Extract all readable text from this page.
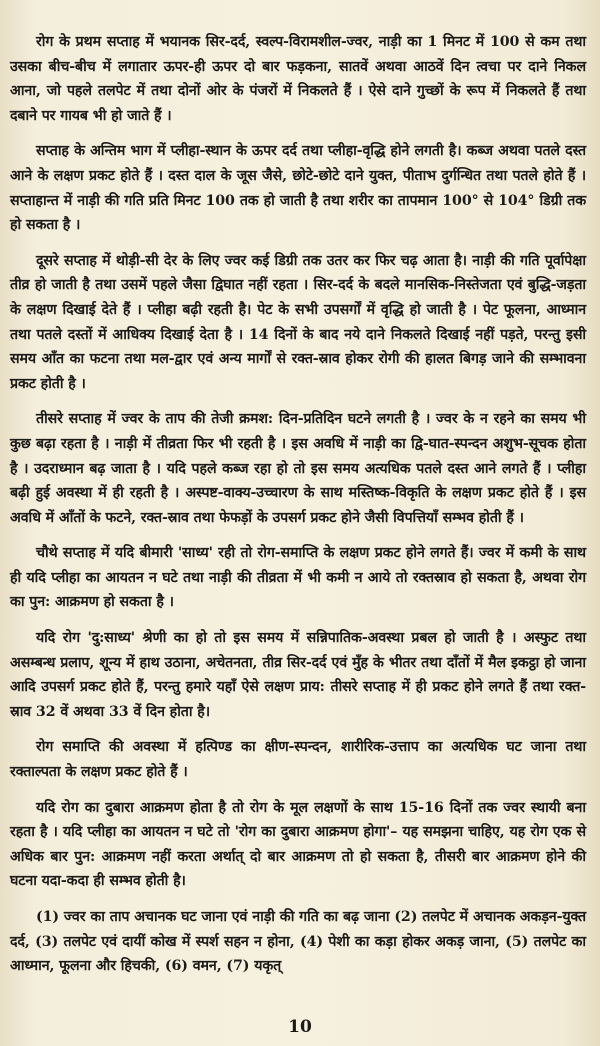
रोग के प्रथम सप्ताह में भयानक सिर-दर्द, स्वल्प-विरामशील-ज्वर, नाड़ी का 1 मिनट में 100 से कम तथा उसका बीच-बीच में लगातार ऊपर-ही ऊपर दो बार फड़कना, सातवें अथवा आठवें दिन त्वचा पर दाने निकल आना, जो पहले तलपेट में तथा दोनों ओर के पंजरों में निकलते हैं । ऐसे दाने गुच्छों के रूप में निकलते हैं तथा दबाने पर गायब भी हो जाते हैं ।

सप्ताह के अन्तिम भाग में प्लीहा-स्थान के ऊपर दर्द तथा प्लीहा-वृद्धि होने लगती है। कब्ज अथवा पतले दस्त आने के लक्षण प्रकट होते हैं । दस्त दाल के जूस जैसे, छोटे-छोटे दाने युक्त, पीताभ दुर्गन्धित तथा पतले होते हैं । सप्ताहान्त में नाड़ी की गति प्रति मिनट 100 तक हो जाती है तथा शरीर का तापमान 100° से 104° डिग्री तक हो सकता है ।

दूसरे सप्ताह में थोड़ी-सी देर के लिए ज्वर कई डिग्री तक उतर कर फिर चढ़ आता है। नाड़ी की गति पूर्वापेक्षा तीव्र हो जाती है तथा उसमें पहले जैसा द्विघात नहीं रहता । सिर-दर्द के बदले मानसिक-निस्तेजता एवं बुद्धि-जड़ता के लक्षण दिखाई देते हैं । प्लीहा बढ़ी रहती है। पेट के सभी उपसर्गों में वृद्धि हो जाती है । पेट फूलना, आध्मान तथा पतले दस्तों में आधिक्य दिखाई देता है । 14 दिनों के बाद नये दाने निकलते दिखाई नहीं पड़ते, परन्तु इसी समय आँत का फटना तथा मल-द्वार एवं अन्य मार्गों से रक्त-स्राव होकर रोगी की हालत बिगड़ जाने की सम्भावना प्रकट होती है ।

तीसरे सप्ताह में ज्वर के ताप की तेजी क्रमश: दिन-प्रतिदिन घटने लगती है । ज्वर के न रहने का समय भी कुछ बढ़ा रहता है । नाड़ी में तीव्रता फिर भी रहती है । इस अवधि में नाड़ी का द्वि-घात-स्पन्दन अशुभ-सूचक होता है । उदराध्मान बढ़ जाता है । यदि पहले कब्ज रहा हो तो इस समय अत्यधिक पतले दस्त आने लगते हैं । प्लीहा बढ़ी हुई अवस्था में ही रहती है । अस्पष्ट-वाक्य-उच्चारण के साथ मस्तिष्क-विकृति के लक्षण प्रकट होते हैं । इस अवधि में आँतों के फटने, रक्त-स्राव तथा फेफड़ों के उपसर्ग प्रकट होने जैसी विपत्तियाँ सम्भव होती हैं ।

चौथे सप्ताह में यदि बीमारी 'साध्य' रही तो रोग-समाप्ति के लक्षण प्रकट होने लगते हैं। ज्वर में कमी के साथ ही यदि प्लीहा का आयतन न घटे तथा नाड़ी की तीव्रता में भी कमी न आये तो रक्तस्राव हो सकता है, अथवा रोग का पुन: आक्रमण हो सकता है ।

यदि रोग 'दु:साध्य' श्रेणी का हो तो इस समय में सन्निपातिक-अवस्था प्रबल हो जाती है । अस्फुट तथा असम्बन्ध प्रलाप, शून्य में हाथ उठाना, अचेतनता, तीव्र सिर-दर्द एवं मुँह के भीतर तथा दाँतों में मैल इकट्ठा हो जाना आदि उपसर्ग प्रकट होते हैं, परन्तु हमारे यहाँ ऐसे लक्षण प्राय: तीसरे सप्ताह में ही प्रकट होने लगते हैं तथा रक्त-स्राव 32 वें अथवा 33 वें दिन होता है।

रोग समाप्ति की अवस्था में हत्पिण्ड का क्षीण-स्पन्दन, शारीरिक-उत्ताप का अत्यधिक घट जाना तथा रक्ताल्पता के लक्षण प्रकट होते हैं ।

यदि रोग का दुबारा आक्रमण होता है तो रोग के मूल लक्षणों के साथ 15-16 दिनों तक ज्वर स्थायी बना रहता है । यदि प्लीहा का आयतन न घटे तो 'रोग का दुबारा आक्रमण होगा'– यह समझना चाहिए, यह रोग एक से अधिक बार पुन: आक्रमण नहीं करता अर्थात् दो बार आक्रमण तो हो सकता है, तीसरी बार आक्रमण होने की घटना यदा-कदा ही सम्भव होती है।

(1) ज्वर का ताप अचानक घट जाना एवं नाड़ी की गति का बढ़ जाना (2) तलपेट में अचानक अकड़न-युक्त दर्द, (3) तलपेट एवं दायीं कोख में स्पर्श सहन न होना, (4) पेशी का कड़ा होकर अकड़ जाना, (5) तलपेट का आध्मान, फूलना और हिचकी, (6) वमन, (7) यकृत्

10
